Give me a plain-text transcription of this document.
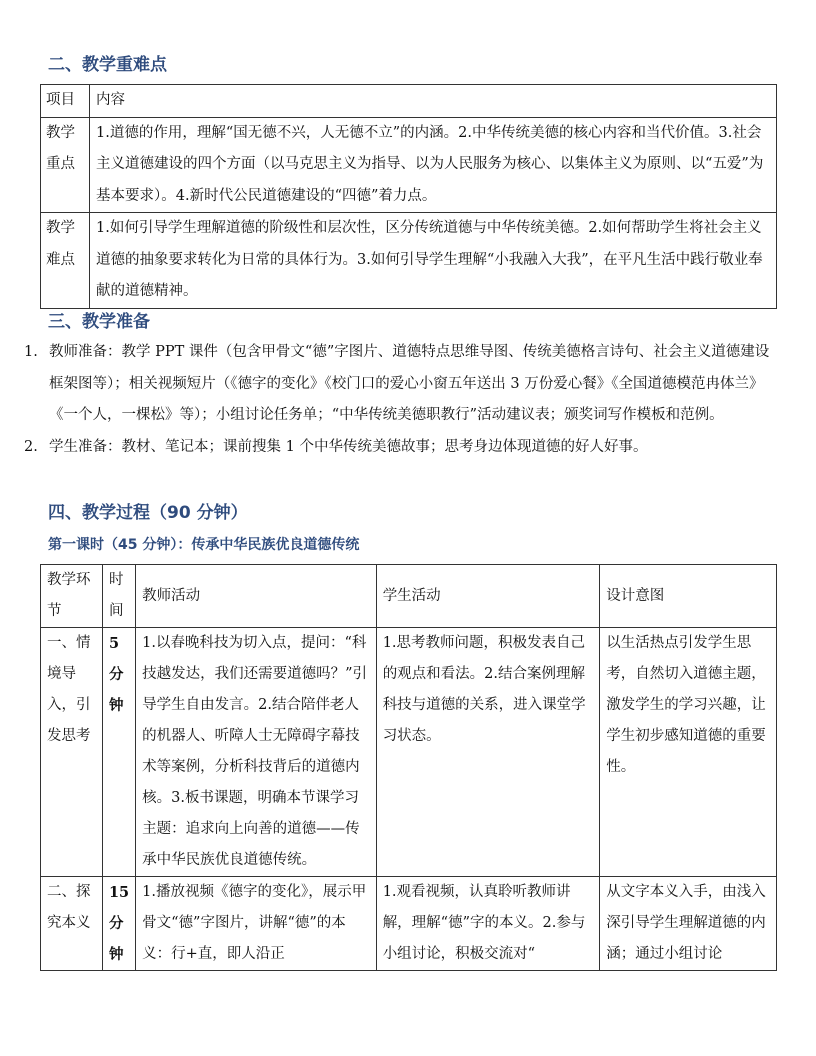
二、教学重难点
项目	内容
教学重点	1.道德的作用，理解“国无德不兴，人无德不立”的内涵。2.中华传统美德的核心内容和当代价值。3.社会主义道德建设的四个方面（以马克思主义为指导、以为人民服务为核心、以集体主义为原则、以“五爱”为基本要求）。4.新时代公民道德建设的“四德”着力点。
教学难点	1.如何引导学生理解道德的阶级性和层次性，区分传统道德与中华传统美德。2.如何帮助学生将社会主义道德的抽象要求转化为日常的具体行为。3.如何引导学生理解“小我融入大我”，在平凡生活中践行敬业奉献的道德精神。
三、教学准备
1. 教师准备：教学 PPT 课件（包含甲骨文“德”字图片、道德特点思维导图、传统美德格言诗句、社会主义道德建设框架图等）；相关视频短片（《德字的变化》《校门口的爱心小窗五年送出 3 万份爱心餐》《全国道德模范冉体兰》《一个人，一棵松》等）；小组讨论任务单；“中华传统美德职教行”活动建议表；颁奖词写作模板和范例。
2. 学生准备：教材、笔记本；课前搜集 1 个中华传统美德故事；思考身边体现道德的好人好事。
四、教学过程（90 分钟）
第一课时（45 分钟）：传承中华民族优良道德传统
教学环节	时间	教师活动	学生活动	设计意图
一、情境导入，引发思考	5分钟	1.以春晚科技为切入点，提问：“科技越发达，我们还需要道德吗？”引导学生自由发言。2.结合陪伴老人的机器人、听障人士无障碍字幕技术等案例，分析科技背后的道德内核。3.板书课题，明确本节课学习主题：追求向上向善的道德——传承中华民族优良道德传统。	1.思考教师问题，积极发表自己的观点和看法。2.结合案例理解科技与道德的关系，进入课堂学习状态。	以生活热点引发学生思考，自然切入道德主题，激发学生的学习兴趣，让学生初步感知道德的重要性。
二、探究本义	15分钟	1.播放视频《德字的变化》，展示甲骨文“德”字图片，讲解“德”的本义：行+直，即人沿正	1.观看视频，认真聆听教师讲解，理解“德”字的本义。2.参与小组讨论，积极交流对“	从文字本义入手，由浅入深引导学生理解道德的内涵；通过小组讨论
